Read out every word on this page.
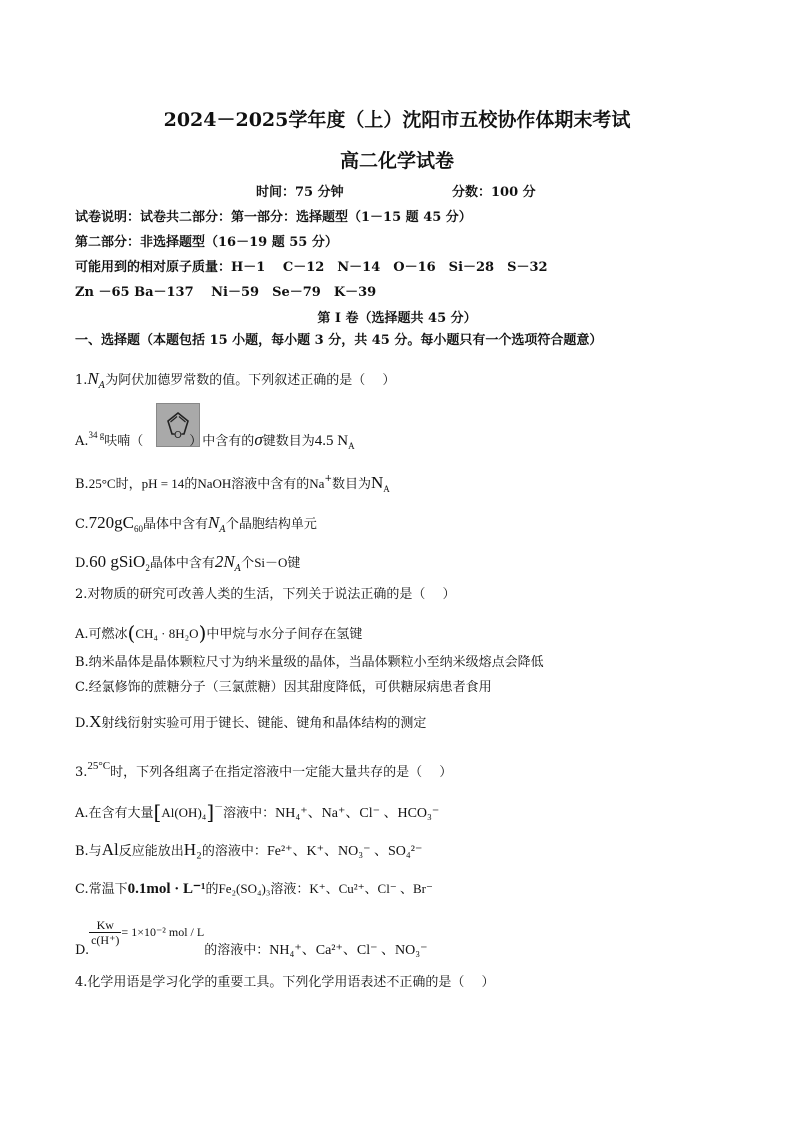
2024－2025学年度（上）沈阳市五校协作体期末考试
高二化学试卷
时间：75 分钟	分数：100 分
试卷说明：试卷共二部分：第一部分：选择题型（1－15 题 45 分）
第二部分：非选择题型（16－19 题 55 分）
可能用到的相对原子质量：H－1　 C－12　N－14　O－16　Si－28　S－32
Zn －65 Ba－137　 Ni－59　Se－79　K－39
第 I 卷（选择题共 45 分）
一、选择题（本题包括 15 小题，每小题 3 分，共 45 分。每小题只有一个选项符合题意）
$1.N_A$为阿伏加德罗常数的值。下列叙述正确的是（　 ）
O
A.$^{34 g}$呋喃（	）中含有的σ键数目为4.5 $N_A$
B.25°C时，pH = 14的NaOH溶液中含有的Na+数目为$N_A$
$C.720gC_{60}$晶体中含有$N_A$个晶胞结构单元
D.60 gSiO$_2$晶体中含有$2N_A$个Si－O键
2.对物质的研究可改善人类的生活，下列关于说法正确的是（　 ）
A.可燃冰(CH₄ · 8H₂O)中甲烷与水分子间存在氢键
B.纳米晶体是晶体颗粒尺寸为纳米量级的晶体，当晶体颗粒小至纳米级熔点会降低
C.经氯修饰的蔗糖分子（三氯蔗糖）因其甜度降低，可供糖尿病患者食用
D.X射线衍射实验可用于键长、键能、键角和晶体结构的测定
3.$^{25^\circ C}$时，下列各组离子在指定溶液中一定能大量共存的是（　 ）
A.在含有大量[Al(OH)₄]－溶液中：NH₄⁺、Na⁺、Cl⁻ 、HCO₃⁻
B.与Al反应能放出H₂的溶液中：Fe²⁺、K⁺、NO₃⁻ 、SO₄²⁻
C.常温下0.1mol · L⁻¹的Fe₂(SO₄)₃溶液：K⁺、Cu²⁺、Cl⁻ 、Br⁻
D.
$\frac{Kw}{c(H^+)} = 1\times 10^{-2}$ mol / L的溶液中：NH₄⁺、Ca²⁺、Cl⁻ 、NO₃⁻
4.化学用语是学习化学的重要工具。下列化学用语表述不正确的是（　 ）
